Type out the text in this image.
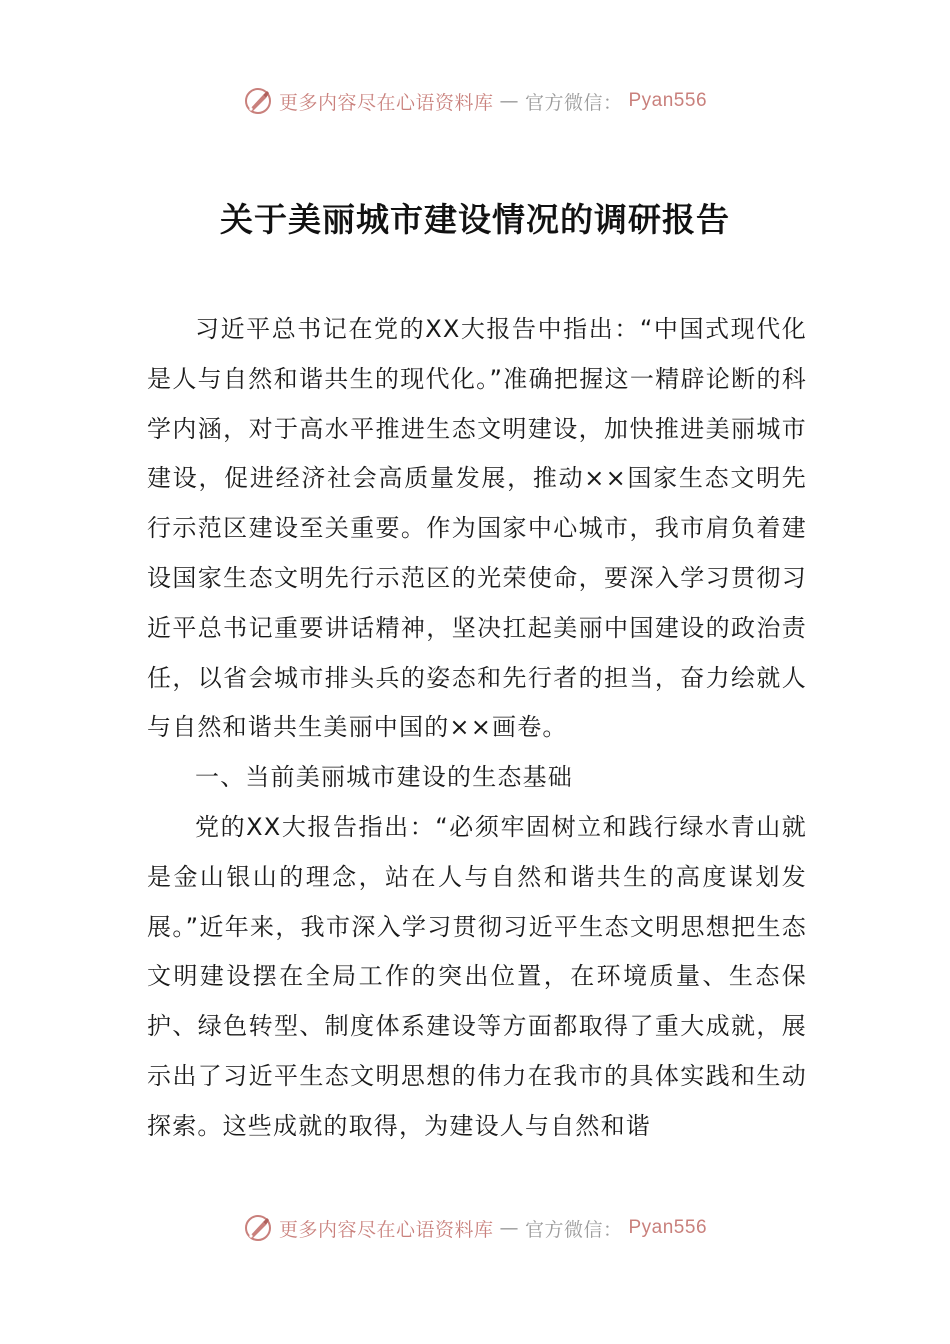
更多内容尽在心语资料库 — 官方微信： Pyan556
关于美丽城市建设情况的调研报告

习近平总书记在党的XX大报告中指出：“中国式现代化是人与自然和谐共生的现代化。”准确把握这一精辟论断的科学内涵，对于高水平推进生态文明建设，加快推进美丽城市建设，促进经济社会高质量发展，推动××国家生态文明先行示范区建设至关重要。作为国家中心城市，我市肩负着建设国家生态文明先行示范区的光荣使命，要深入学习贯彻习近平总书记重要讲话精神，坚决扛起美丽中国建设的政治责任，以省会城市排头兵的姿态和先行者的担当，奋力绘就人与自然和谐共生美丽中国的××画卷。

一、当前美丽城市建设的生态基础

党的XX大报告指出：“必须牢固树立和践行绿水青山就是金山银山的理念，站在人与自然和谐共生的高度谋划发展。”近年来，我市深入学习贯彻习近平生态文明思想把生态文明建设摆在全局工作的突出位置，在环境质量、生态保护、绿色转型、制度体系建设等方面都取得了重大成就，展示出了习近平生态文明思想的伟力在我市的具体实践和生动探索。这些成就的取得，为建设人与自然和谐

更多内容尽在心语资料库 — 官方微信： Pyan556
